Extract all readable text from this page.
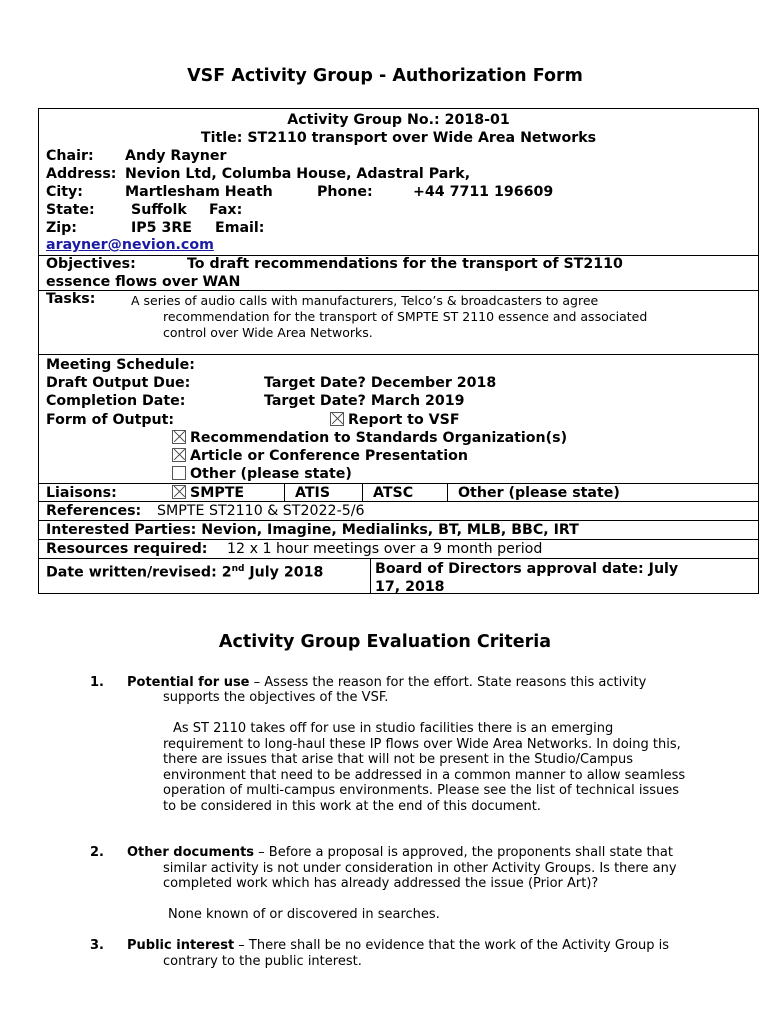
VSF Activity Group - Authorization Form
Activity Group No.: 2018-01
Title: ST2110 transport over Wide Area Networks
Chair: Andy Rayner
Address: Nevion Ltd, Columba House, Adastral Park,
City:	Martlesham Heath	Phone:	+44 7711 196609
State:	Suffolk Fax:
Zip:	IP5 3RE Email:
arayner@nevion.com
Objectives:	To draft recommendations for the transport of ST2110
essence flows over WAN
Tasks:	A series of audio calls with manufacturers, Telco’s & broadcasters to agree
recommendation for the transport of SMPTE ST 2110 essence and associated
control over Wide Area Networks.
Meeting Schedule:
Draft Output Due:	Target Date? December 2018
Completion Date:	Target Date? March 2019
Form of Output:	Report to VSF
Recommendation to Standards Organization(s)
Article or Conference Presentation
Other (please state)
Liaisons:	SMPTE	ATIS	ATSC	Other (please state)
References: SMPTE ST2110 & ST2022-5/6
Interested Parties: Nevion, Imagine, Medialinks, BT, MLB, BBC, IRT
Resources required: 12 x 1 hour meetings over a 9 month period
Date written/revised: 2nd July 2018	Board of Directors approval date: July
17, 2018
Activity Group Evaluation Criteria
1. Potential for use – Assess the reason for the effort. State reasons this activity
supports the objectives of the VSF.
As ST 2110 takes off for use in studio facilities there is an emerging
requirement to long-haul these IP flows over Wide Area Networks. In doing this,
there are issues that arise that will not be present in the Studio/Campus
environment that need to be addressed in a common manner to allow seamless
operation of multi-campus environments. Please see the list of technical issues
to be considered in this work at the end of this document.
2. Other documents – Before a proposal is approved, the proponents shall state that
similar activity is not under consideration in other Activity Groups. Is there any
completed work which has already addressed the issue (Prior Art)?
None known of or discovered in searches.
3. Public interest – There shall be no evidence that the work of the Activity Group is
contrary to the public interest.
